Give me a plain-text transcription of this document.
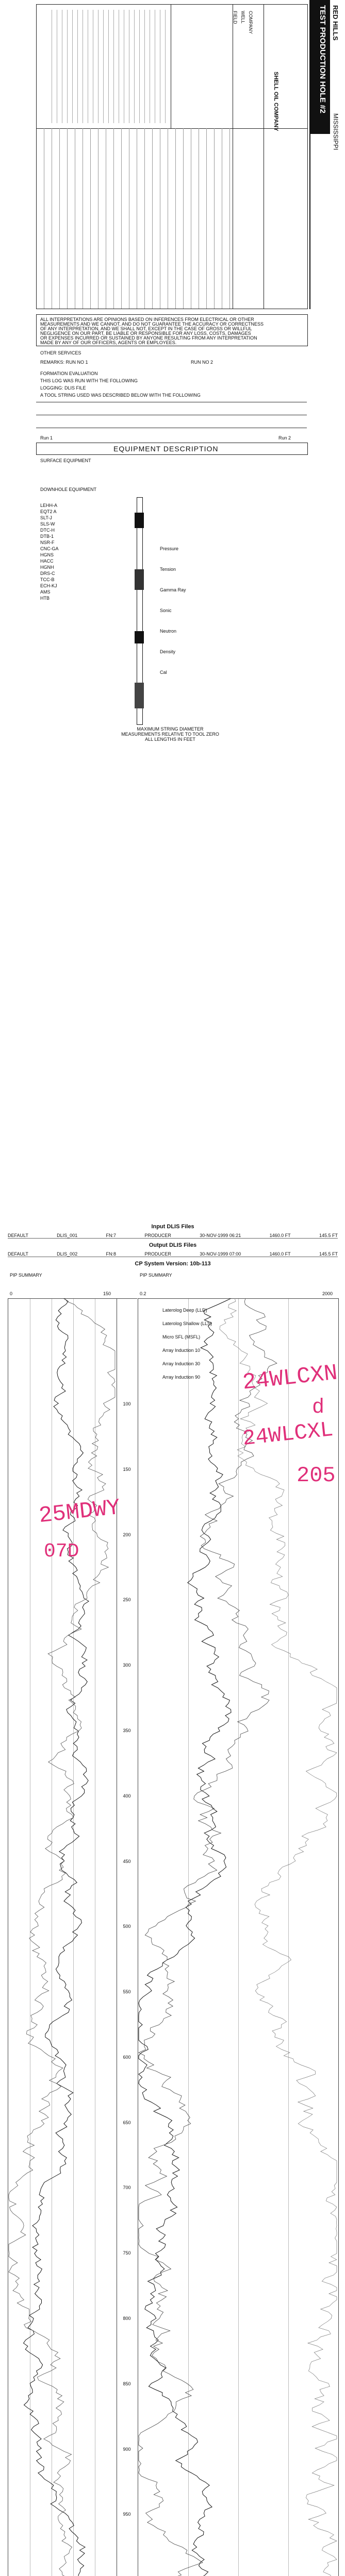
TEST PRODUCTION HOLE #2 RED HILLS
MISSISSIPPI
COMPANY
WELL
FIELD
SHELL OIL COMPANY
ALL INTERPRETATIONS ARE OPINIONS BASED ON INFERENCES FROM ELECTRICAL OR OTHER
MEASUREMENTS AND WE CANNOT, AND DO NOT GUARANTEE THE ACCURACY OR CORRECTNESS
OF ANY INTERPRETATION, AND WE SHALL NOT, EXCEPT IN THE CASE OF GROSS OR WILLFUL
NEGLIGENCE ON OUR PART, BE LIABLE OR RESPONSIBLE FOR ANY LOSS, COSTS, DAMAGES
OR EXPENSES INCURRED OR SUSTAINED BY ANYONE RESULTING FROM ANY INTERPRETATION
MADE BY ANY OF OUR OFFICERS, AGENTS OR EMPLOYEES.
OTHER SERVICES
REMARKS: RUN NO 1	RUN NO 2
FORMATION EVALUATION
THIS LOG WAS RUN WITH THE FOLLOWING
LOGGING: DLIS FILE
A TOOL STRING USED WAS DESCRIBED BELOW WITH THE FOLLOWING
Run 1	Run 2
EQUIPMENT DESCRIPTION
SURFACE EQUIPMENT
DOWNHOLE EQUIPMENT
LEHH-A
EQT2 A
SLT-J
SLS-W
DTC-H
DTB-1
NSR-F
CNC-GA
HGNS
HACC
HGNH
DRS-C
TCC-B
ECH-KJ
AMS
HTB
Pressure
Tension
Gamma Ray
Sonic
Neutron
Density
Cal
MAXIMUM STRING DIAMETER
MEASUREMENTS RELATIVE TO TOOL ZERO
ALL LENGTHS IN FEET
Input DLIS Files
DEFAULT	DLIS_001	FN:7	PRODUCER	30-NOV-1999 06:21	1460.0 FT	145.5 FT
Output DLIS Files
DEFAULT	DLIS_002	FN:8	PRODUCER	30-NOV-1999 07:00	1460.0 FT	145.5 FT
CP System Version: 10b-113
PIP SUMMARY	PIP SUMMARY
0	150	0.2	2000
Laterolog Deep (LLD)
Laterolog Shallow (LLS)
Micro SFL (MSFL)
Array Induction 10
Array Induction 30
Array Induction 90
100
150
200
250
300
350
400
450
500
550
600
650
700
750
800
850
900
950
24WLCXN
d
24WLCXL
205
25MDWY
07D
